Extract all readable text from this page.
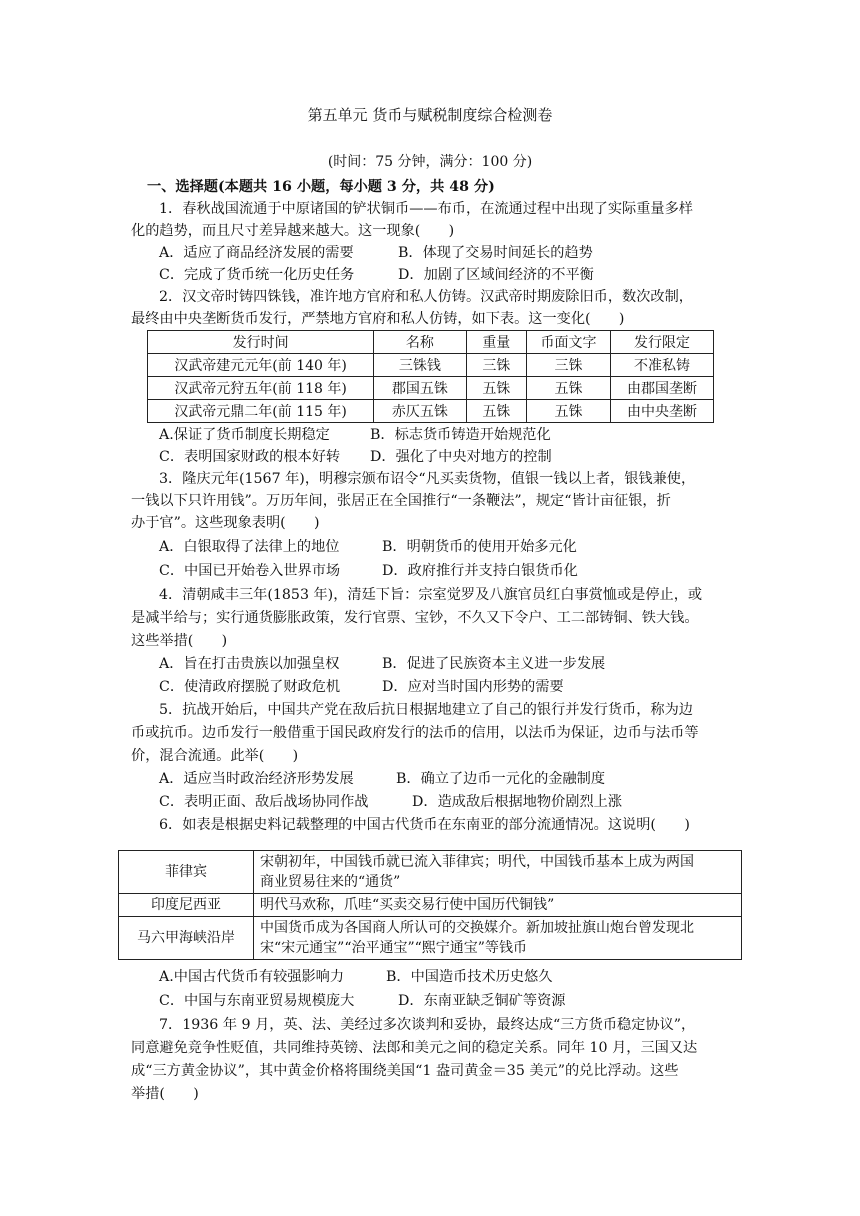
第五单元 货币与赋税制度综合检测卷
(时间：75 分钟，满分：100 分)
一、选择题(本题共 16 小题，每小题 3 分，共 48 分)
1．春秋战国流通于中原诸国的铲状铜币——布币，在流通过程中出现了实际重量多样
化的趋势，而且尺寸差异越来越大。这一现象(　　)
A．适应了商品经济发展的需要	B．体现了交易时间延长的趋势
C．完成了货币统一化历史任务	D．加剧了区域间经济的不平衡
2．汉文帝时铸四铢钱，准许地方官府和私人仿铸。汉武帝时期废除旧币，数次改制，
最终由中央垄断货币发行，严禁地方官府和私人仿铸，如下表。这一变化(　　)
发行时间	名称	重量	币面文字	发行限定
汉武帝建元元年(前 140 年)	三铢钱	三铢	三铢	不准私铸
汉武帝元狩五年(前 118 年)	郡国五铢	五铢	五铢	由郡国垄断
汉武帝元鼎二年(前 115 年)	赤仄五铢	五铢	五铢	由中央垄断
A.保证了货币制度长期稳定	B．标志货币铸造开始规范化
C．表明国家财政的根本好转 D．强化了中央对地方的控制
3．隆庆元年(1567 年)，明穆宗颁布诏令“凡买卖货物，值银一钱以上者，银钱兼使，
一钱以下只许用钱”。万历年间，张居正在全国推行“一条鞭法”，规定“皆计亩征银，折
办于官”。这些现象表明(　　)
A．白银取得了法律上的地位	B．明朝货币的使用开始多元化
C．中国已开始卷入世界市场	D．政府推行并支持白银货币化
4．清朝咸丰三年(1853 年)，清廷下旨：宗室觉罗及八旗官员红白事赏恤或是停止，或
是减半给与；实行通货膨胀政策，发行官票、宝钞，不久又下令户、工二部铸铜、铁大钱。
这些举措(　　)
A．旨在打击贵族以加强皇权	B．促进了民族资本主义进一步发展
C．使清政府摆脱了财政危机	D．应对当时国内形势的需要
5．抗战开始后，中国共产党在敌后抗日根据地建立了自己的银行并发行货币，称为边
币或抗币。边币发行一般借重于国民政府发行的法币的信用，以法币为保证，边币与法币等
价，混合流通。此举(　　)
A．适应当时政治经济形势发展	B．确立了边币一元化的金融制度
C．表明正面、敌后战场协同作战	D．造成敌后根据地物价剧烈上涨
6．如表是根据史料记载整理的中国古代货币在东南亚的部分流通情况。这说明(　　)
菲律宾	宋朝初年，中国钱币就已流入菲律宾；明代，中国钱币基本上成为两国
商业贸易往来的“通货”

印度尼西亚	明代马欢称，爪哇“买卖交易行使中国历代铜钱”
马六甲海峡沿岸	中国货币成为各国商人所认可的交换媒介。新加坡扯旗山炮台曾发现北
宋“宋元通宝”“治平通宝”“熙宁通宝”等钱币
A.中国古代货币有较强影响力	B．中国造币技术历史悠久
C．中国与东南亚贸易规模庞大	D．东南亚缺乏铜矿等资源
7．1936 年 9 月，英、法、美经过多次谈判和妥协，最终达成“三方货币稳定协议”，
同意避免竞争性贬值，共同维持英镑、法郎和美元之间的稳定关系。同年 10 月，三国又达
成“三方黄金协议”，其中黄金价格将围绕美国“1 盎司黄金＝35 美元”的兑比浮动。这些
举措(　　)
